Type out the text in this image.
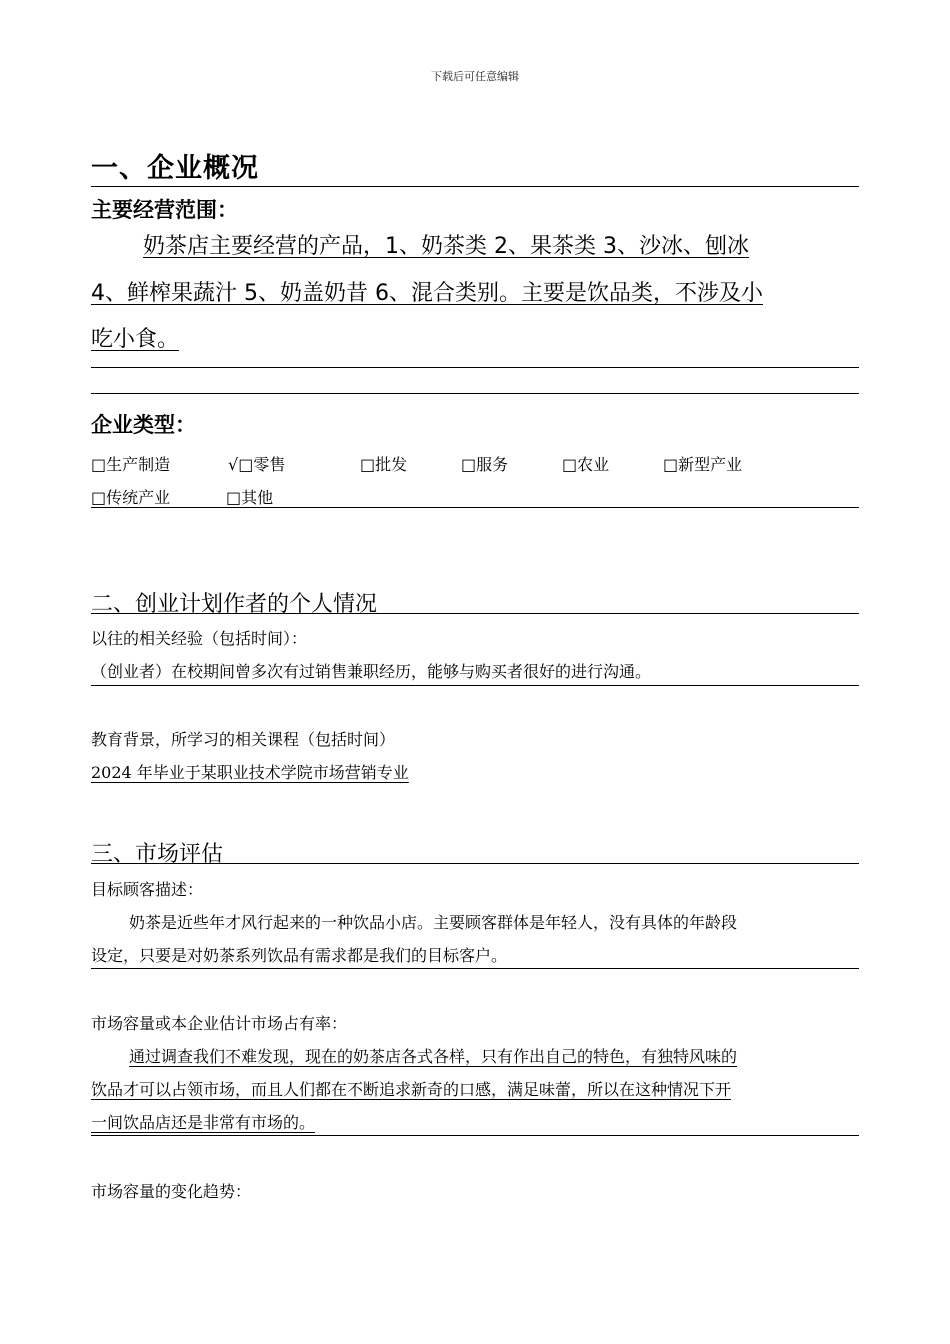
下载后可任意编辑
一、企业概况
主要经营范围：
奶茶店主要经营的产品，1、奶茶类 2、果茶类 3、沙冰、刨冰
4、鲜榨果蔬汁 5、奶盖奶昔 6、混合类别。主要是饮品类，不涉及小
吃小食。
企业类型：
□生产制造	√□零售	□批发	□服务	□农业	□新型产业
□传统产业	□其他
二、创业计划作者的个人情况
以往的相关经验（包括时间）：
（创业者）在校期间曾多次有过销售兼职经历，能够与购买者很好的进行沟通。
教育背景，所学习的相关课程（包括时间）
2024 年毕业于某职业技术学院市场营销专业
三、市场评估
目标顾客描述：
奶茶是近些年才风行起来的一种饮品小店。主要顾客群体是年轻人，没有具体的年龄段
设定，只要是对奶茶系列饮品有需求都是我们的目标客户。
市场容量或本企业估计市场占有率：
通过调查我们不难发现，现在的奶茶店各式各样，只有作出自己的特色，有独特风味的
饮品才可以占领市场，而且人们都在不断追求新奇的口感，满足味蕾，所以在这种情况下开
一间饮品店还是非常有市场的。
市场容量的变化趋势：
